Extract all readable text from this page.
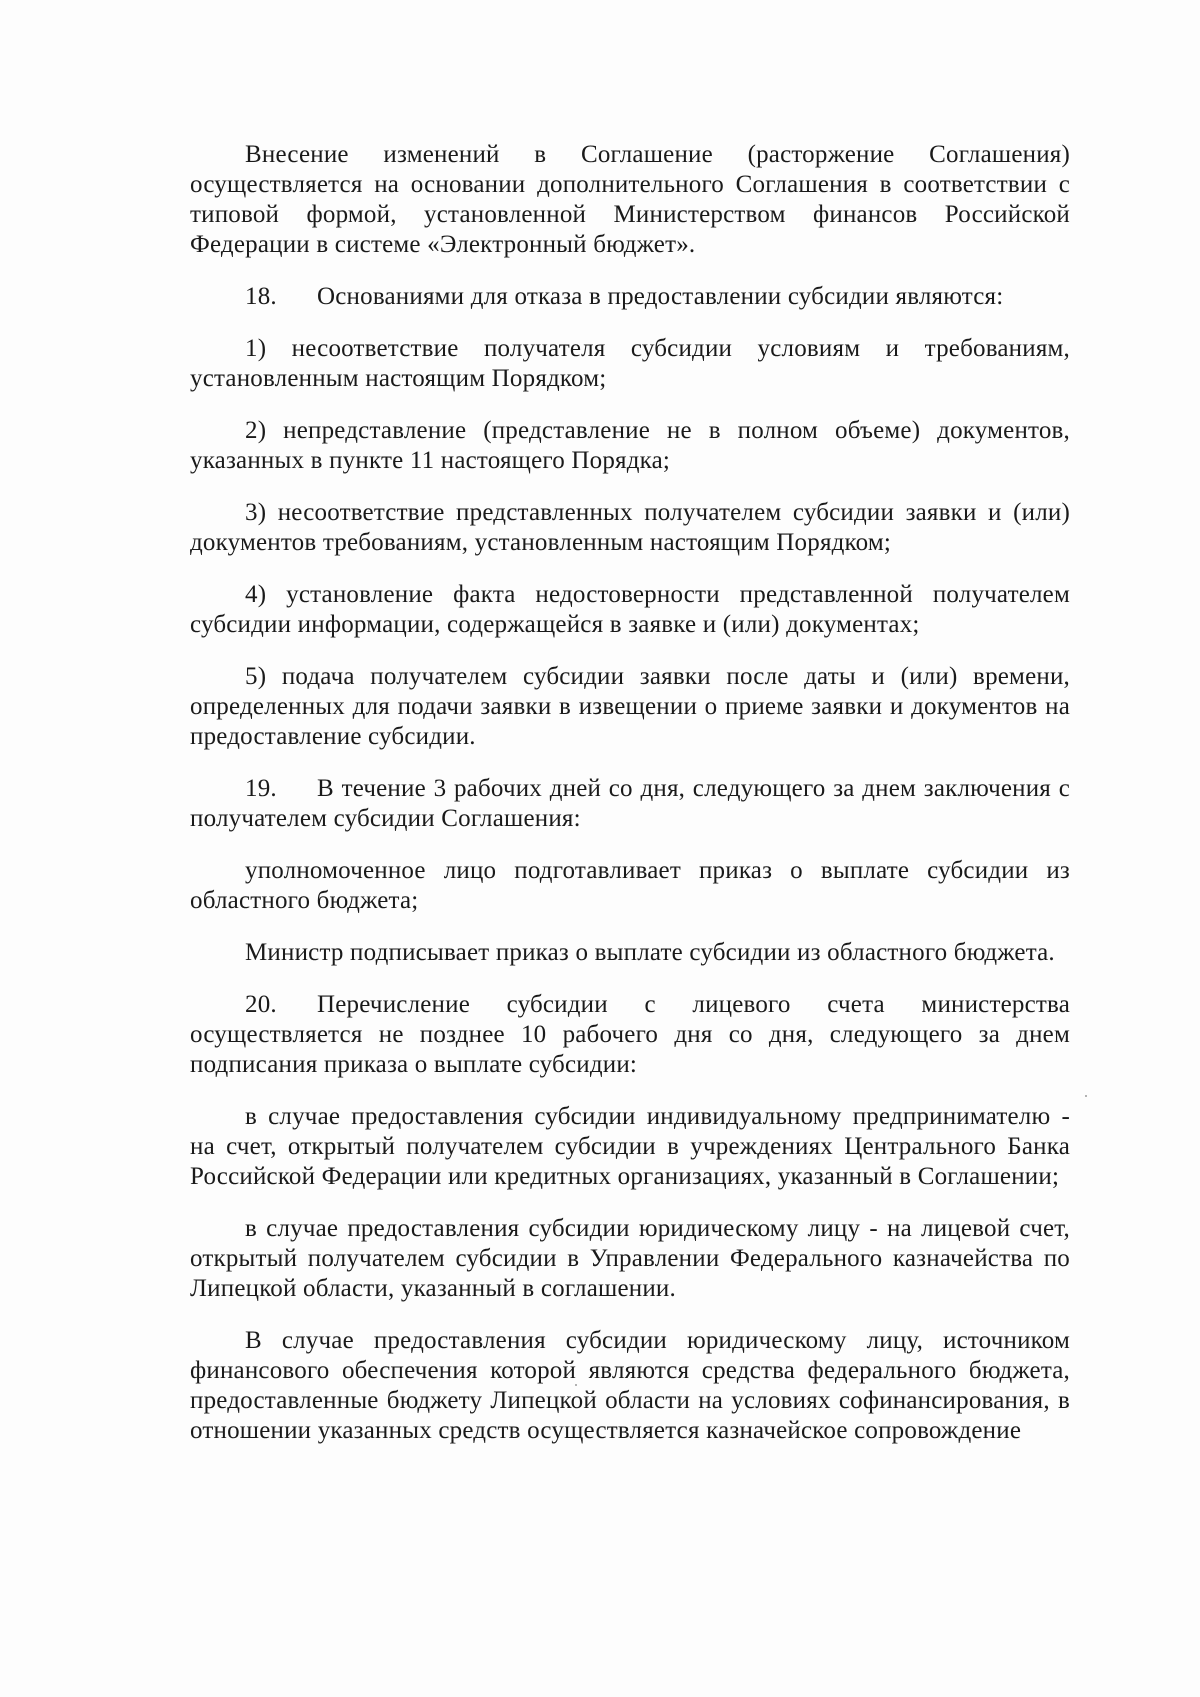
Внесение изменений в Соглашение (расторжение Соглашения) осуществляется на основании дополнительного Соглашения в соответствии с типовой формой, установленной Министерством финансов Российской Федерации в системе «Электронный бюджет».

18. Основаниями для отказа в предоставлении субсидии являются:

1) несоответствие получателя субсидии условиям и требованиям, установленным настоящим Порядком;

2) непредставление (представление не в полном объеме) документов, указанных в пункте 11 настоящего Порядка;

3) несоответствие представленных получателем субсидии заявки и (или) документов требованиям, установленным настоящим Порядком;

4) установление факта недостоверности представленной получателем субсидии информации, содержащейся в заявке и (или) документах;

5) подача получателем субсидии заявки после даты и (или) времени, определенных для подачи заявки в извещении о приеме заявки и документов на предоставление субсидии.

19. В течение 3 рабочих дней со дня, следующего за днем заключения с получателем субсидии Соглашения:

уполномоченное лицо подготавливает приказ о выплате субсидии из областного бюджета;

Министр подписывает приказ о выплате субсидии из областного бюджета.

20. Перечисление субсидии с лицевого счета министерства осуществляется не позднее 10 рабочего дня со дня, следующего за днем подписания приказа о выплате субсидии:

в случае предоставления субсидии индивидуальному предпринимателю - на счет, открытый получателем субсидии в учреждениях Центрального Банка Российской Федерации или кредитных организациях, указанный в Соглашении;

в случае предоставления субсидии юридическому лицу - на лицевой счет, открытый получателем субсидии в Управлении Федерального казначейства по Липецкой области, указанный в соглашении.

В случае предоставления субсидии юридическому лицу, источником финансового обеспечения которой являются средства федерального бюджета, предоставленные бюджету Липецкой области на условиях софинансирования, в отношении указанных средств осуществляется казначейское сопровождение
